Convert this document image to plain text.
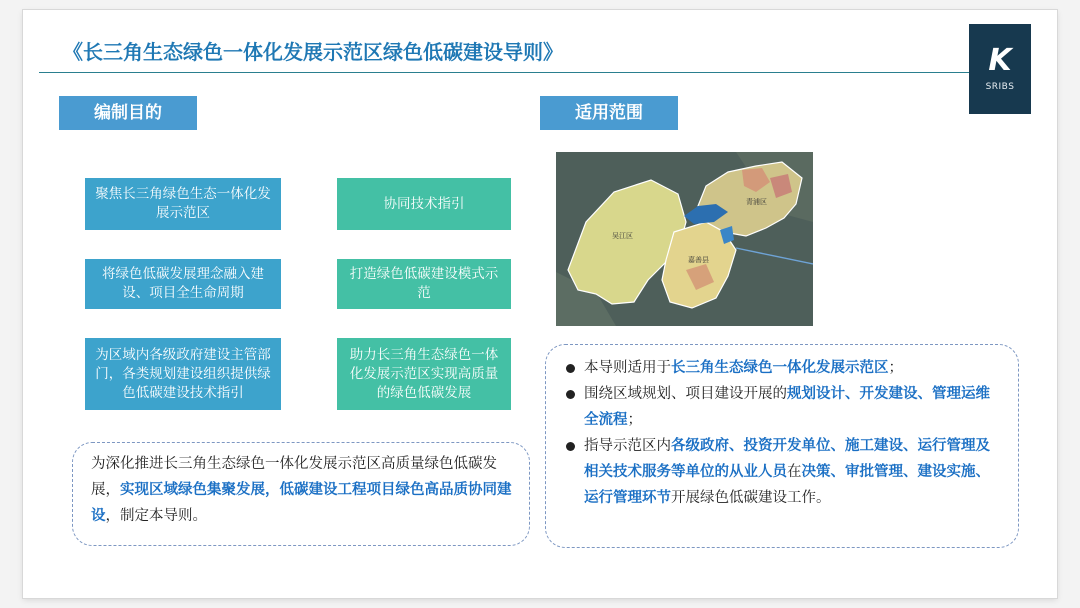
《长三角生态绿色一体化发展示范区绿色低碳建设导则》	K
SRIBS
编制目的
聚焦长三角绿色生态一体化发展示范区
协同技术指引
将绿色低碳发展理念融入建设、项目全生命周期
打造绿色低碳建设模式示范
为区域内各级政府建设主管部门，各类规划建设组织提供绿色低碳建设技术指引
助力长三角生态绿色一体化发展示范区实现高质量的绿色低碳发展
为深化推进长三角生态绿色一体化发展示范区高质量绿色低碳发展，实现区域绿色集聚发展，低碳建设工程项目绿色高品质协同建设，制定本导则。
适用范围
吴江区
青浦区
嘉善县
本导则适用于长三角生态绿色一体化发展示范区；
围绕区域规划、项目建设开展的规划设计、开发建设、管理运维全流程；
指导示范区内各级政府、投资开发单位、施工建设、运行管理及相关技术服务等单位的从业人员在决策、审批管理、建设实施、运行管理环节开展绿色低碳建设工作。
